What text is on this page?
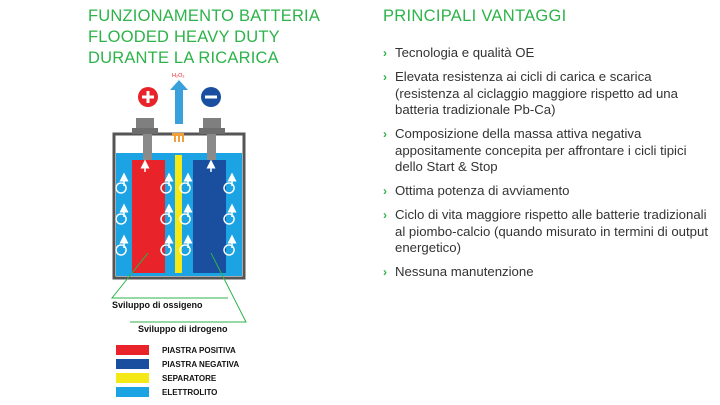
FUNZIONAMENTO BATTERIA
FLOODED HEAVY DUTY
DURANTE LA RICARICA
PRINCIPALI VANTAGGI
› Tecnologia e qualità OE
› Elevata resistenza ai cicli di carica e scarica (resistenza al ciclaggio maggiore rispetto ad una batteria tradizionale Pb-Ca)
› Composizione della massa attiva negativa appositamente concepita per affrontare i cicli tipici dello Start & Stop
› Ottima potenza di avviamento
› Ciclo di vita maggiore rispetto alle batterie tradizionali al piombo-calcio (quando misurato in termini di output energetico)
› Nessuna manutenzione
H₂O₂
Sviluppo di ossigeno
Sviluppo di idrogeno
PIASTRA POSITIVA
PIASTRA NEGATIVA
SEPARATORE
ELETTROLITO
